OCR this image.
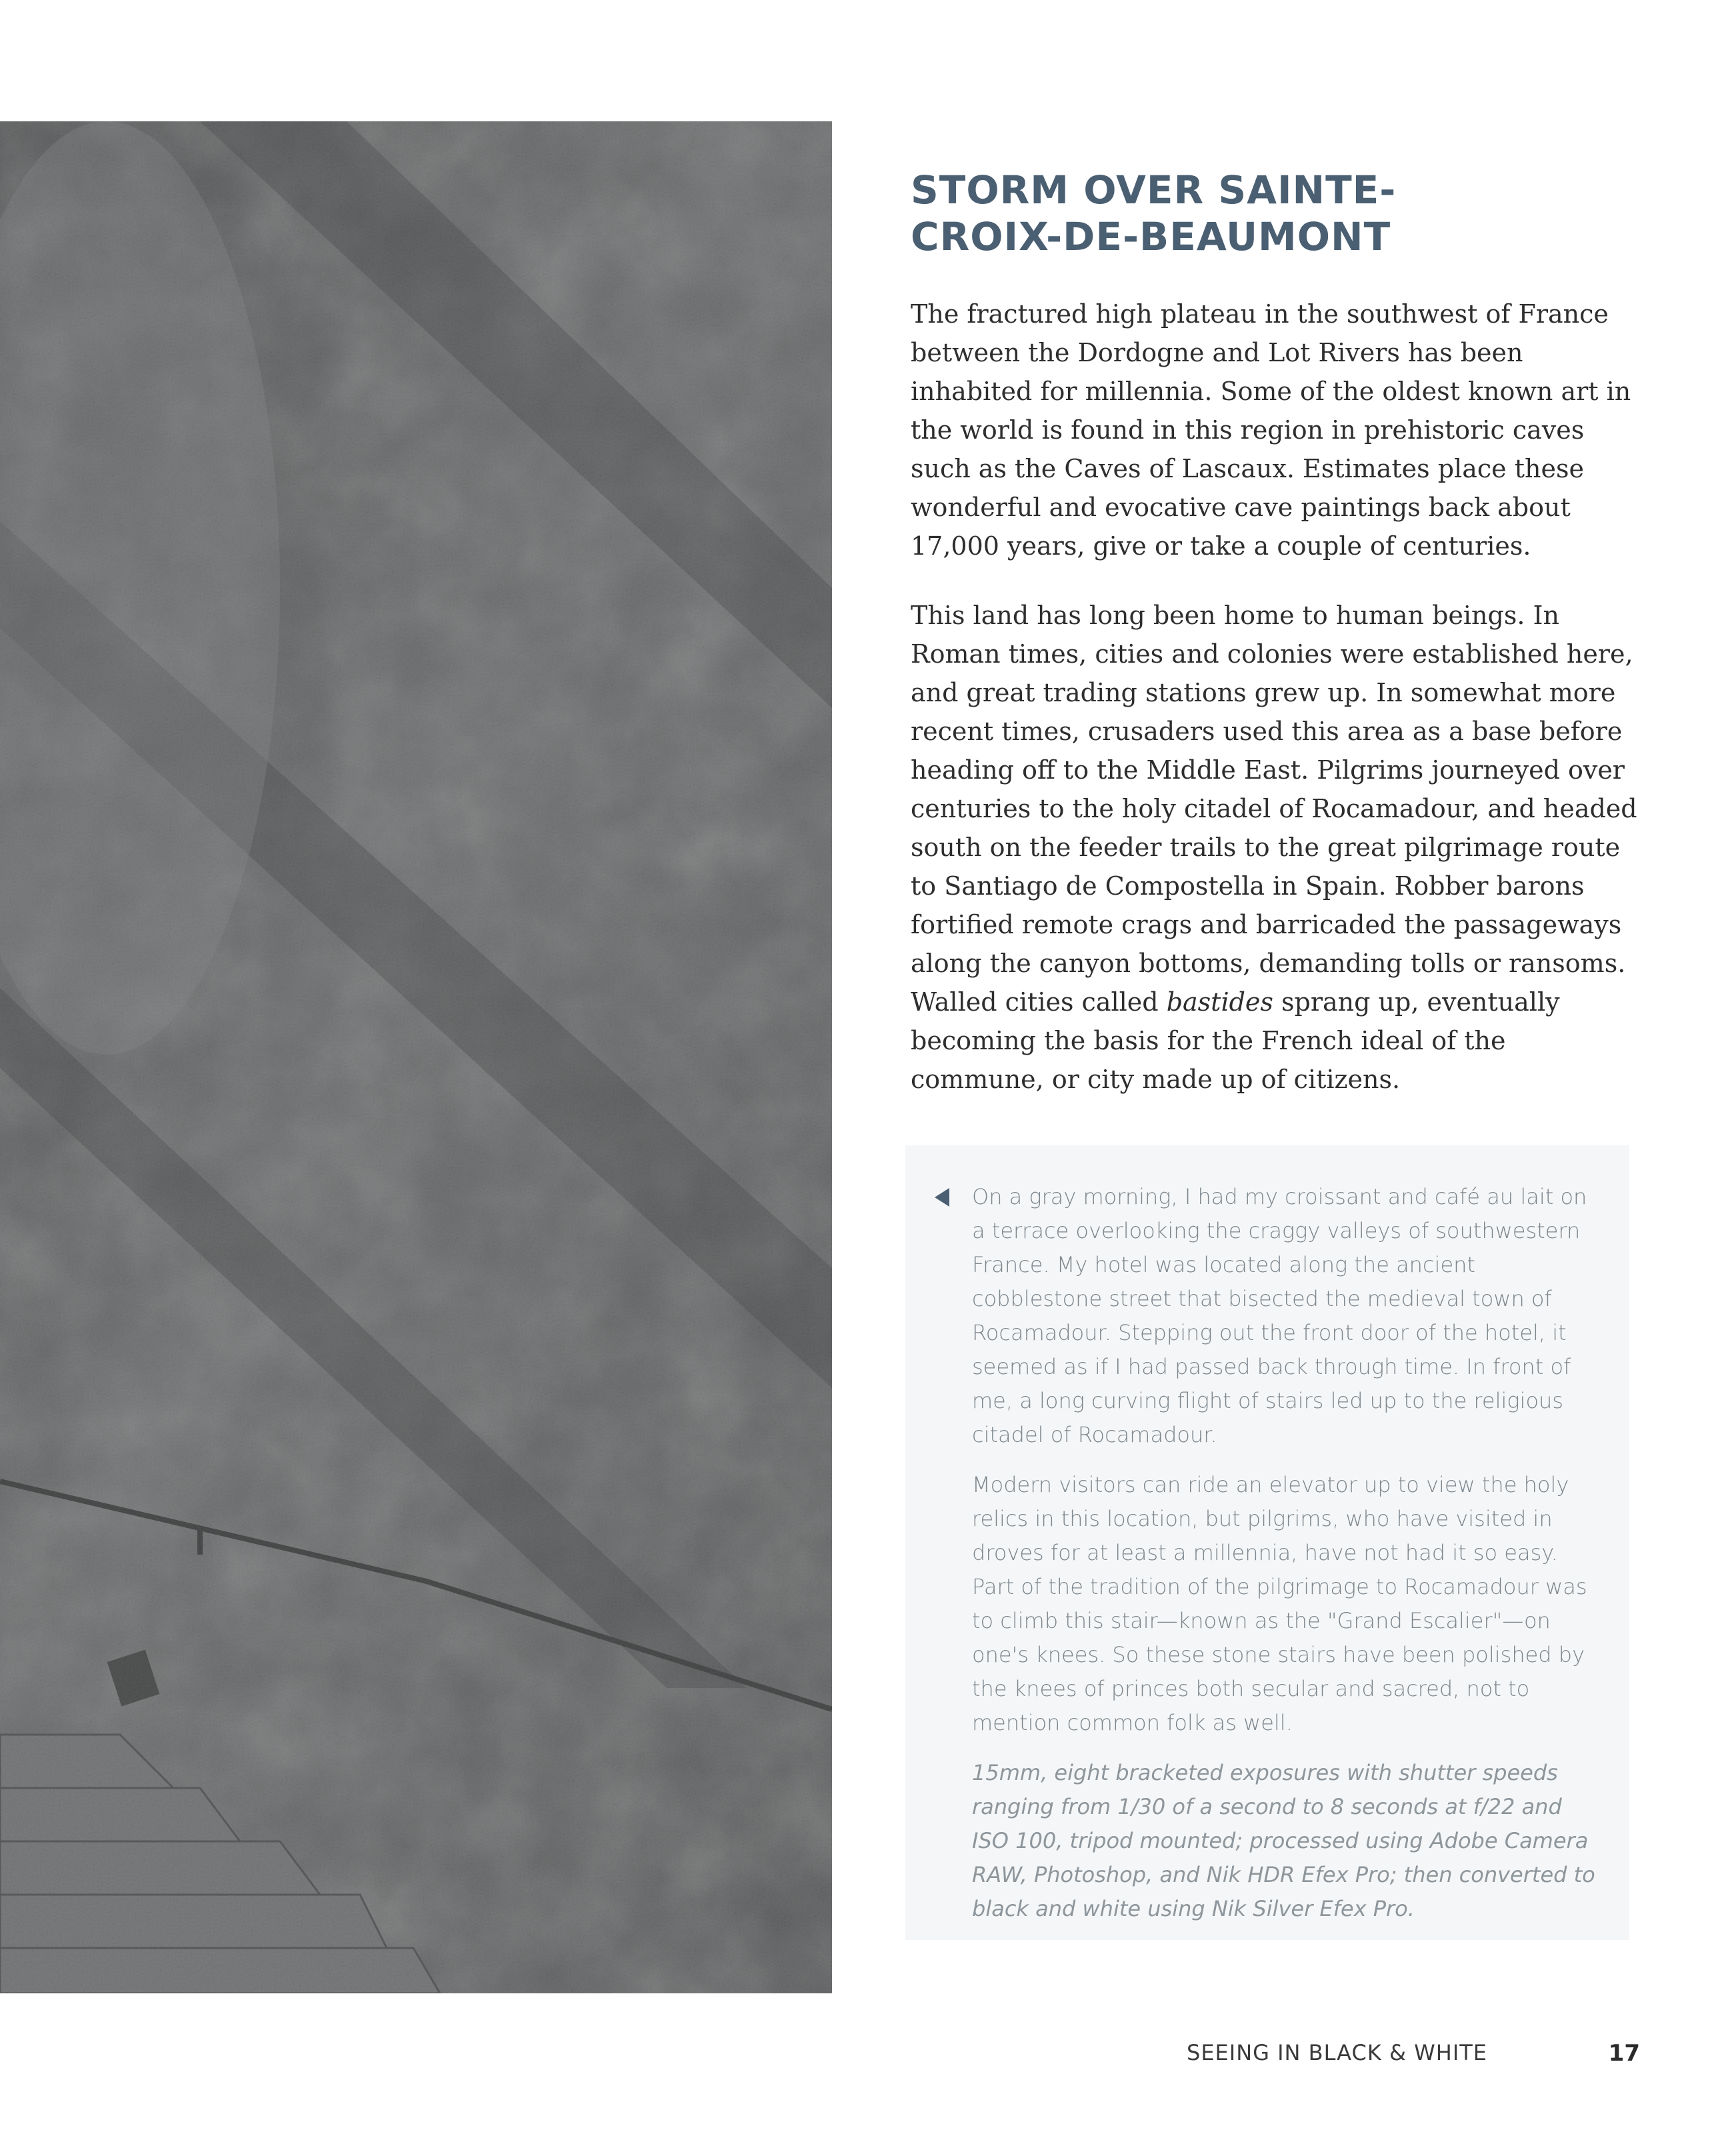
STORM OVER SAINTE-CROIX-DE-BEAUMONT

The fractured high plateau in the southwest of France between the Dordogne and Lot Rivers has been inhabited for millennia. Some of the oldest known art in the world is found in this region in prehistoric caves such as the Caves of Lascaux. Estimates place these wonderful and evocative cave paintings back about 17,000 years, give or take a couple of centuries.

This land has long been home to human beings. In Roman times, cities and colonies were established here, and great trading stations grew up. In somewhat more recent times, crusaders used this area as a base before heading off to the Middle East. Pilgrims journeyed over centuries to the holy citadel of Rocamadour, and headed south on the feeder trails to the great pilgrimage route to Santiago de Compostella in Spain. Robber barons fortified remote crags and barricaded the passageways along the canyon bottoms, demanding tolls or ransoms. Walled cities called bastides sprang up, eventually becoming the basis for the French ideal of the commune, or city made up of citizens.

On a gray morning, I had my croissant and café au lait on a terrace overlooking the craggy valleys of southwestern France. My hotel was located along the ancient cobblestone street that bisected the medieval town of Rocamadour. Stepping out the front door of the hotel, it seemed as if I had passed back through time. In front of me, a long curving flight of stairs led up to the religious citadel of Rocamadour.

Modern visitors can ride an elevator up to view the holy relics in this location, but pilgrims, who have visited in droves for at least a millennia, have not had it so easy. Part of the tradition of the pilgrimage to Rocamadour was to climb this stair—known as the "Grand Escalier"—on one's knees. So these stone stairs have been polished by the knees of princes both secular and sacred, not to mention common folk as well.

15mm, eight bracketed exposures with shutter speeds ranging from 1/30 of a second to 8 seconds at f/22 and ISO 100, tripod mounted; processed using Adobe Camera RAW, Photoshop, and Nik HDR Efex Pro; then converted to black and white using Nik Silver Efex Pro.

SEEING IN BLACK & WHITE	17
